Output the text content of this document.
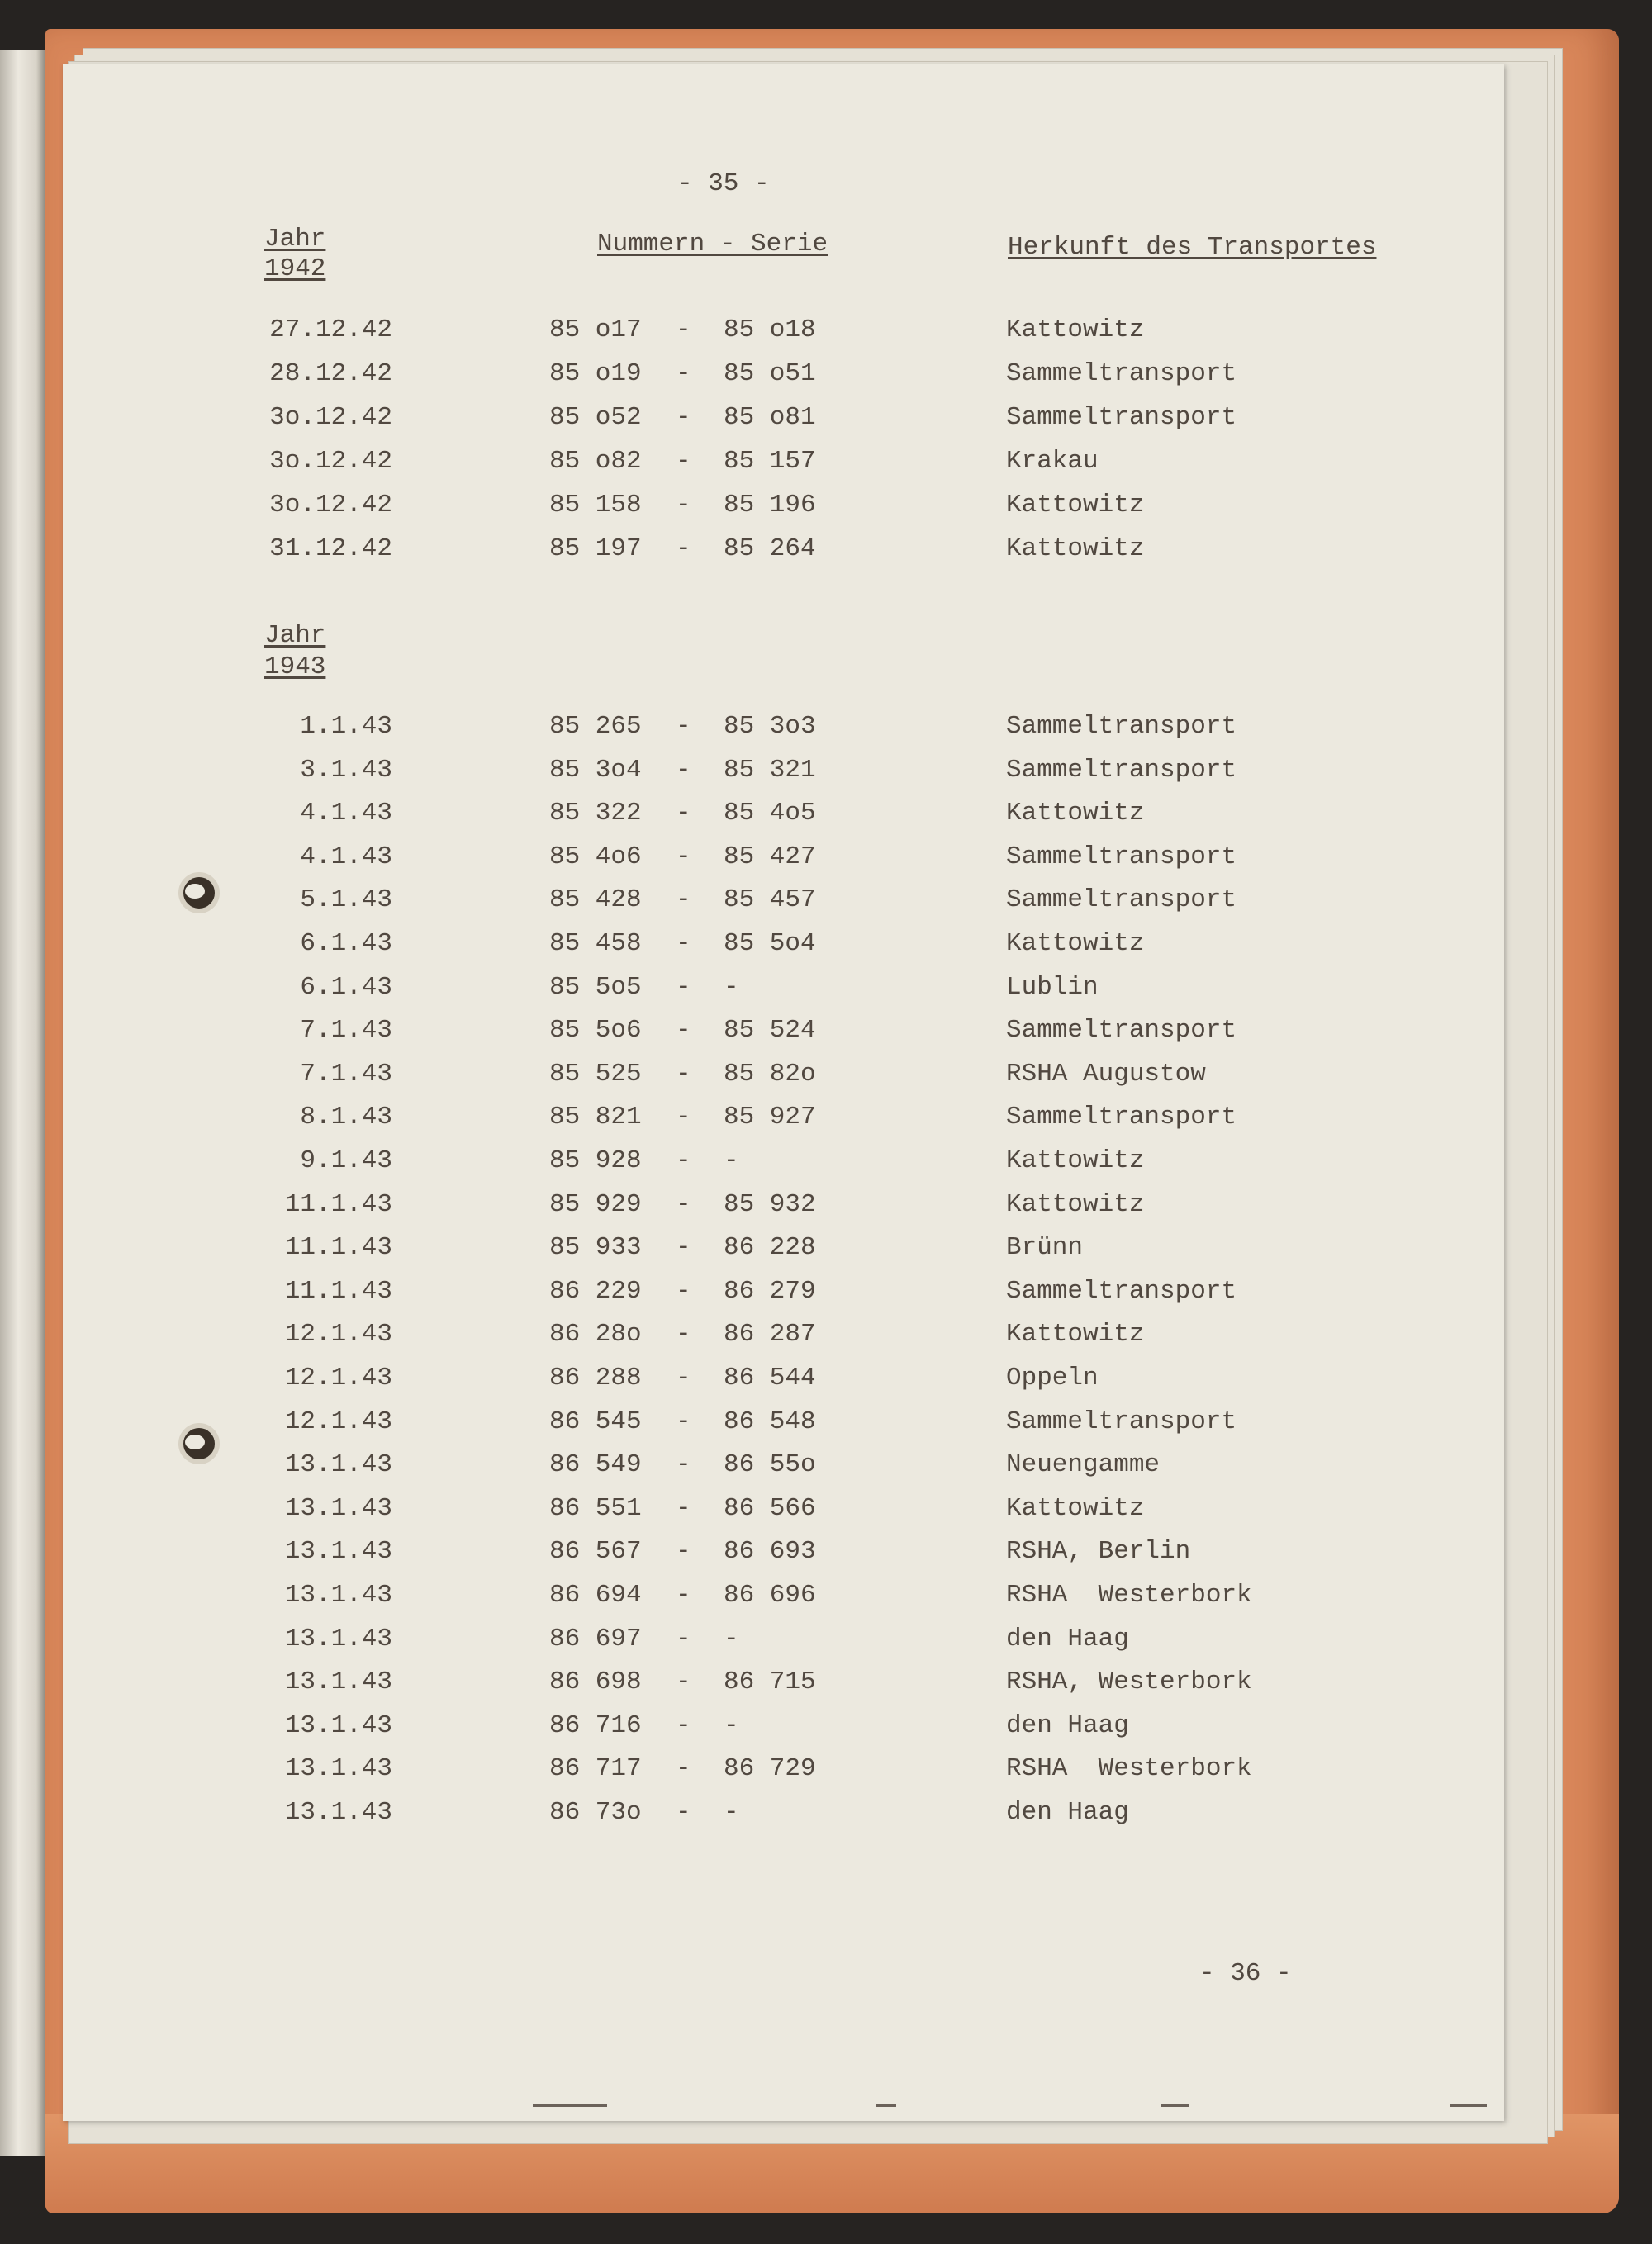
- 35 -
Jahr
1942
Nummern - Serie	Herkunft des Transportes
27.12.42	85 o17 - 85 o18	Kattowitz
28.12.42	85 o19 - 85 o51	Sammeltransport
3o.12.42	85 o52 - 85 o81	Sammeltransport
3o.12.42	85 o82 - 85 157	Krakau
3o.12.42	85 158 - 85 196	Kattowitz
31.12.42	85 197 - 85 264	Kattowitz
Jahr
1943
1.1.43	85 265 - 85 3o3	Sammeltransport
3.1.43	85 3o4 - 85 321	Sammeltransport
4.1.43	85 322 - 85 4o5	Kattowitz
4.1.43	85 4o6 - 85 427	Sammeltransport
5.1.43	85 428 - 85 457	Sammeltransport
6.1.43	85 458 - 85 5o4	Kattowitz
6.1.43	85 5o5 - -	Lublin
7.1.43	85 5o6 - 85 524	Sammeltransport
7.1.43	85 525 - 85 82o	RSHA Augustow
8.1.43	85 821 - 85 927	Sammeltransport
9.1.43	85 928 - -	Kattowitz
11.1.43	85 929 - 85 932	Kattowitz
11.1.43	85 933 - 86 228	Brünn
11.1.43	86 229 - 86 279	Sammeltransport
12.1.43	86 28o - 86 287	Kattowitz
12.1.43	86 288 - 86 544	Oppeln
12.1.43	86 545 - 86 548	Sammeltransport
13.1.43	86 549 - 86 55o	Neuengamme
13.1.43	86 551 - 86 566	Kattowitz
13.1.43	86 567 - 86 693	RSHA, Berlin
13.1.43	86 694 - 86 696	RSHA  Westerbork
13.1.43	86 697 - -	den Haag
13.1.43	86 698 - 86 715	RSHA, Westerbork
13.1.43	86 716 - -	den Haag
13.1.43	86 717 - 86 729	RSHA  Westerbork
13.1.43	86 73o - -	den Haag
- 36 -
